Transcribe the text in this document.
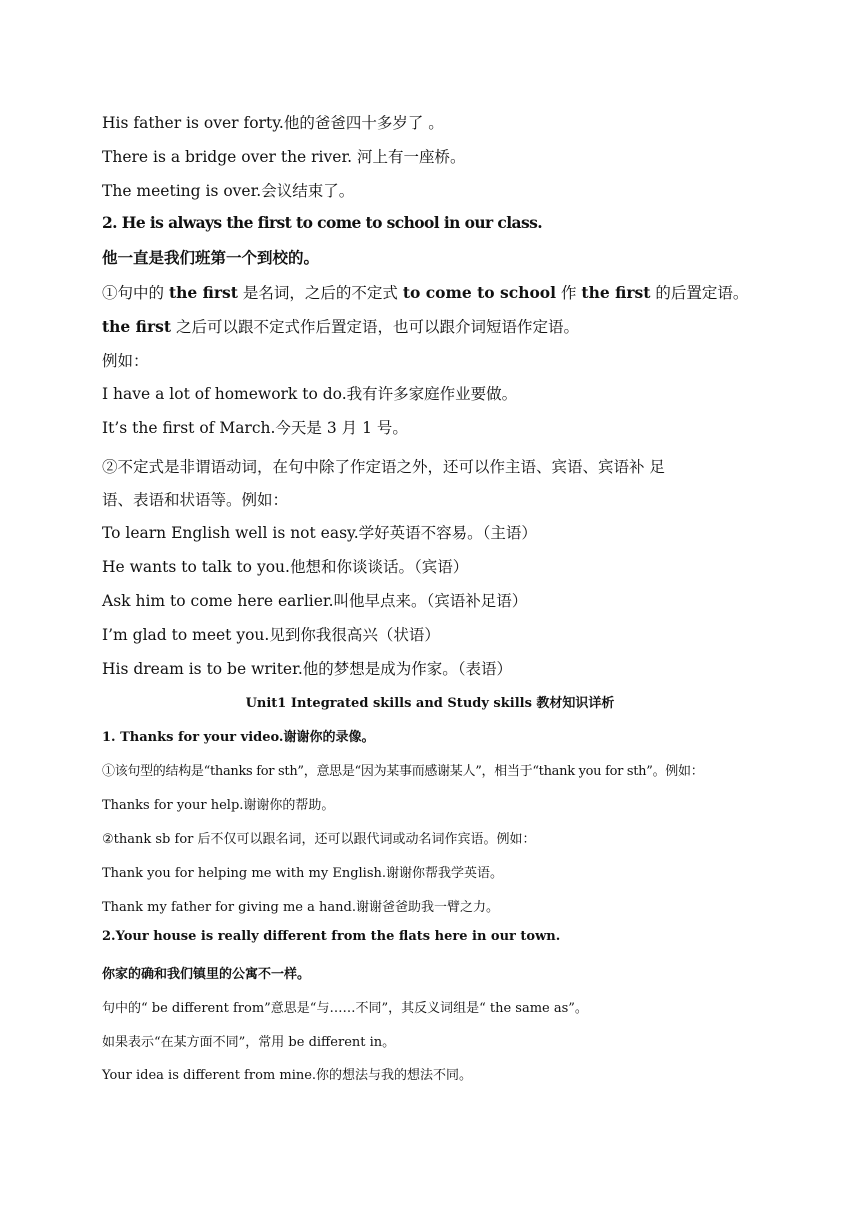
His father is over forty.他的爸爸四十多岁了 。
There is a bridge over the river. 河上有一座桥。
The meeting is over.会议结束了。
2. He is always the first to come to school in our class.
他一直是我们班第一个到校的。
①句中的 the first 是名词，之后的不定式 to come to school 作 the first 的后置定语。
the first 之后可以跟不定式作后置定语，也可以跟介词短语作定语。
例如：
I have a lot of homework to do.我有许多家庭作业要做。
It’s the first of March.今天是 3 月 1 号。
②不定式是非谓语动词，在句中除了作定语之外，还可以作主语、宾语、宾语补 足
语、表语和状语等。例如：
To learn English well is not easy.学好英语不容易。（主语）
He wants to talk to you.他想和你谈谈话。（宾语）
Ask him to come here earlier.叫他早点来。（宾语补足语）
I’m glad to meet you.见到你我很高兴（状语）
His dream is to be writer.他的梦想是成为作家。（表语）
Unit1 Integrated skills and Study skills 教材知识详析
1. Thanks for your video.谢谢你的录像。
①该句型的结构是“thanks for sth”，意思是“因为某事而感谢某人”，相当于“thank you for sth”。例如：
Thanks for your help.谢谢你的帮助。
②thank sb for 后不仅可以跟名词，还可以跟代词或动名词作宾语。例如：
Thank you for helping me with my English.谢谢你帮我学英语。
Thank my father for giving me a hand.谢谢爸爸助我一臂之力。
2.Your house is really different from the flats here in our town.
你家的确和我们镇里的公寓不一样。
句中的“ be different from”意思是“与……不同”，其反义词组是“ the same as”。
如果表示“在某方面不同”，常用 be different in。
Your idea is different from mine.你的想法与我的想法不同。
